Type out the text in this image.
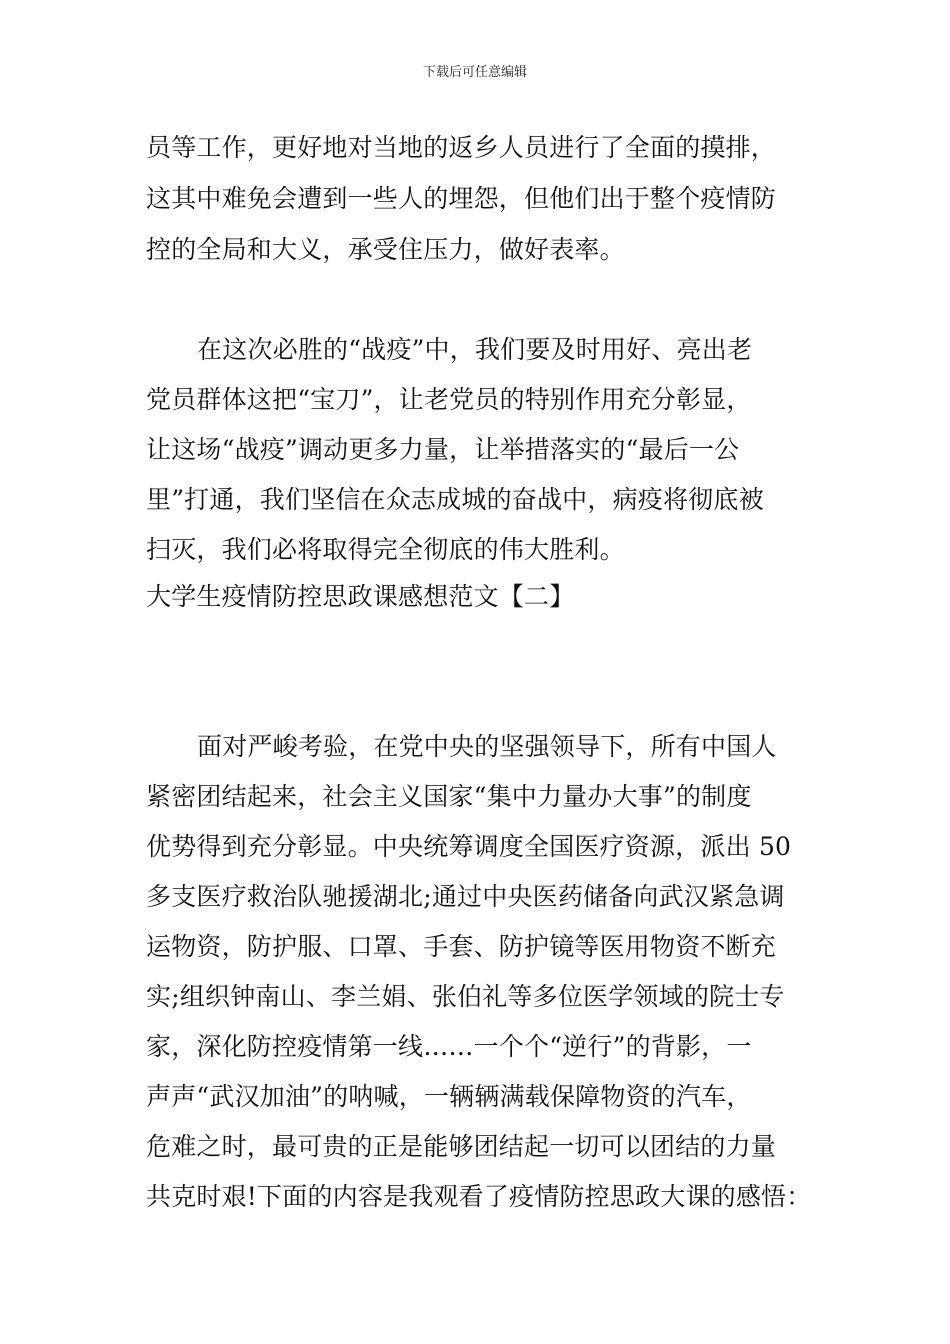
下载后可任意编辑
员等工作，更好地对当地的返乡人员进行了全面的摸排，
这其中难免会遭到一些人的埋怨，但他们出于整个疫情防
控的全局和大义，承受住压力，做好表率。
在这次必胜的“战疫”中，我们要及时用好、亮出老
党员群体这把“宝刀”，让老党员的特别作用充分彰显，
让这场“战疫”调动更多力量，让举措落实的“最后一公
里”打通，我们坚信在众志成城的奋战中，病疫将彻底被
扫灭，我们必将取得完全彻底的伟大胜利。
大学生疫情防控思政课感想范文【二】
面对严峻考验，在党中央的坚强领导下，所有中国人
紧密团结起来，社会主义国家“集中力量办大事”的制度
优势得到充分彰显。中央统筹调度全国医疗资源，派出 50
多支医疗救治队驰援湖北;通过中央医药储备向武汉紧急调
运物资，防护服、口罩、手套、防护镜等医用物资不断充
实;组织钟南山、李兰娟、张伯礼等多位医学领域的院士专
家，深化防控疫情第一线……一个个“逆行”的背影，一
声声“武汉加油”的呐喊，一辆辆满载保障物资的汽车，
危难之时，最可贵的正是能够团结起一切可以团结的力量
共克时艰!下面的内容是我观看了疫情防控思政大课的感悟：
